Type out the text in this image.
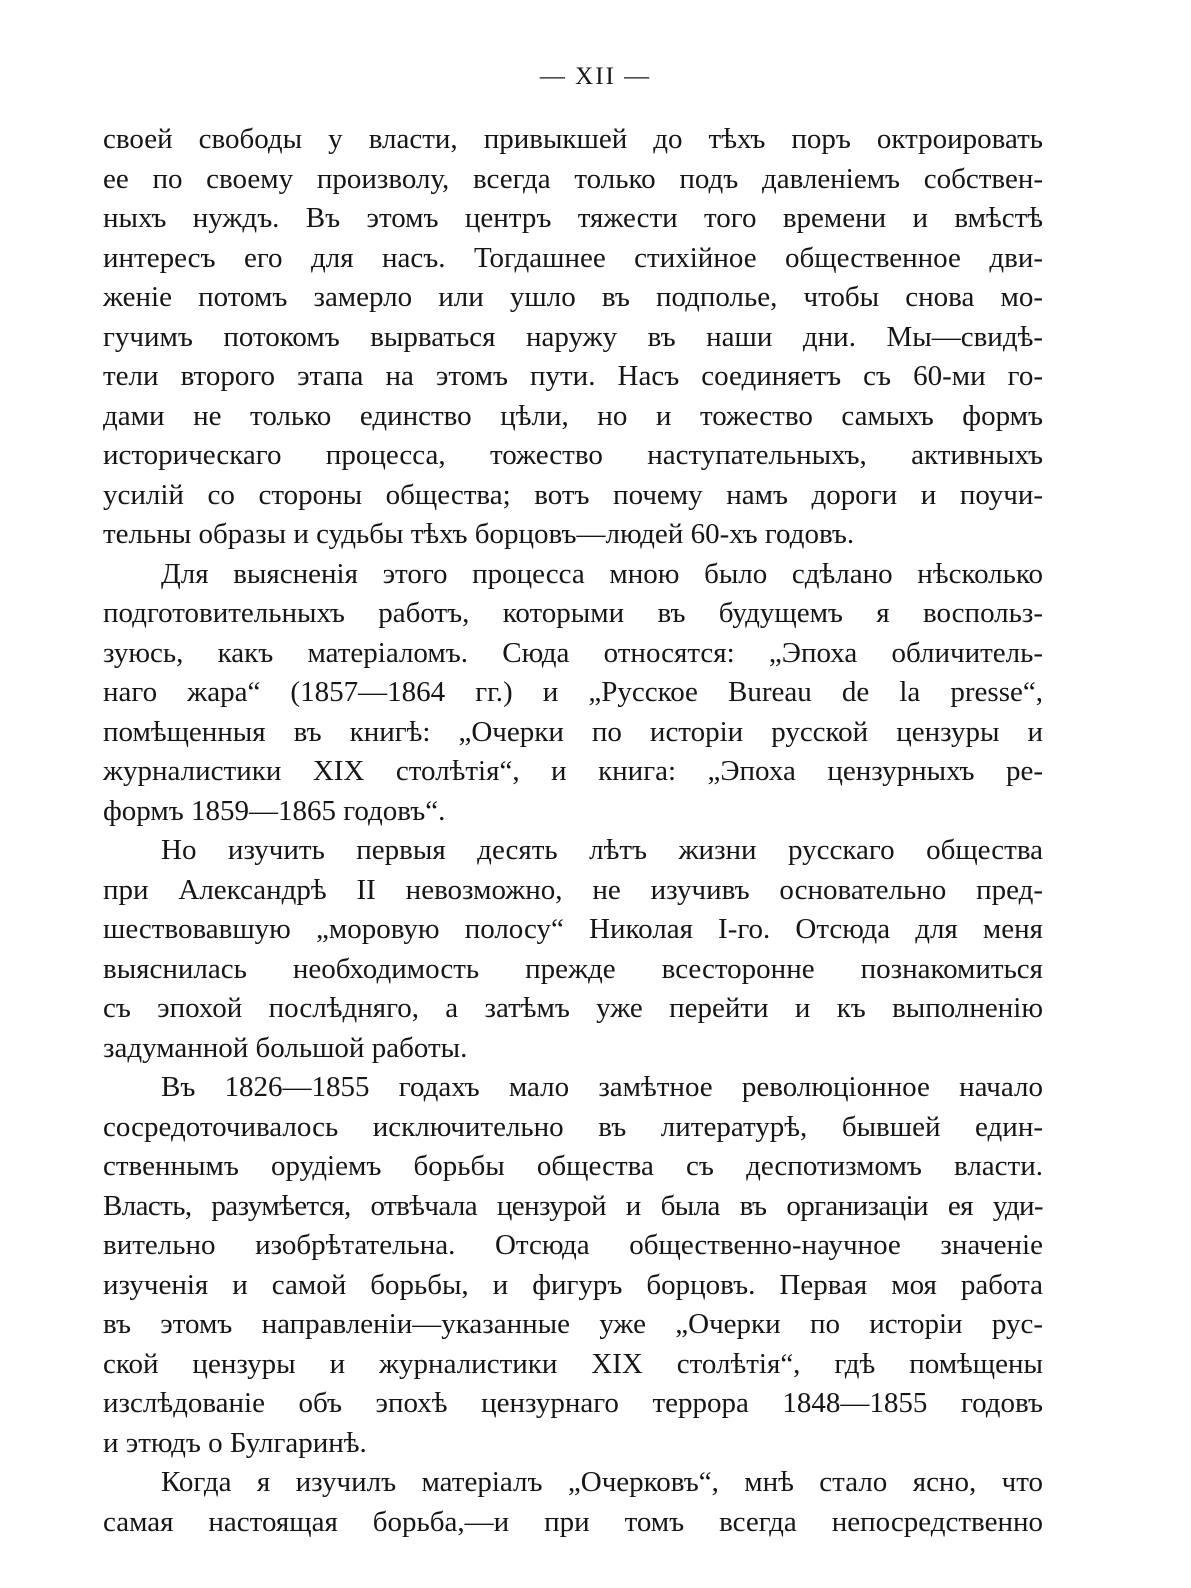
— XII —
своей свободы у власти, привыкшей до тѣхъ поръ октроировать
ее по своему произволу, всегда только подъ давленіемъ собствен-
ныхъ нуждъ. Въ этомъ центръ тяжести того времени и вмѣстѣ
интересъ его для насъ. Тогдашнее стихійное общественное дви-
женіе потомъ замерло или ушло въ подполье, чтобы снова мо-
гучимъ потокомъ вырваться наружу въ наши дни. Мы—свидѣ-
тели второго этапа на этомъ пути. Насъ соединяетъ съ 60-ми го-
дами не только единство цѣли, но и тожество самыхъ формъ
историческаго процесса, тожество наступательныхъ, активныхъ
усилій со стороны общества; вотъ почему намъ дороги и поучи-
тельны образы и судьбы тѣхъ борцовъ—людей 60-хъ годовъ.
Для выясненія этого процесса мною было сдѣлано нѣсколько
подготовительныхъ работъ, которыми въ будущемъ я воспольз-
зуюсь, какъ матеріаломъ. Сюда относятся: „Эпоха обличитель-
наго жара“ (1857—1864 гг.) и „Русское Bureau de la presse“,
помѣщенныя въ книгѣ: „Очерки по исторіи русской цензуры и
журналистики XIX столѣтія“, и книга: „Эпоха цензурныхъ ре-
формъ 1859—1865 годовъ“.
Но изучить первыя десять лѣтъ жизни русскаго общества
при Александрѣ II невозможно, не изучивъ основательно пред-
шествовавшую „моровую полосу“ Николая I-го. Отсюда для меня
выяснилась необходимость прежде всесторонне познакомиться
съ эпохой послѣдняго, а затѣмъ уже перейти и къ выполненію
задуманной большой работы.
Въ 1826—1855 годахъ мало замѣтное революціонное начало
сосредоточивалось исключительно въ литературѣ, бывшей един-
ственнымъ орудіемъ борьбы общества съ деспотизмомъ власти.
Власть, разумѣется, отвѣчала цензурой и была въ организаціи ея уди-
вительно изобрѣтательна. Отсюда общественно-научное значеніе
изученія и самой борьбы, и фигуръ борцовъ. Первая моя работа
въ этомъ направленіи—указанные уже „Очерки по исторіи рус-
ской цензуры и журналистики XIX столѣтія“, гдѣ помѣщены
изслѣдованіе объ эпохѣ цензурнаго террора 1848—1855 годовъ
и этюдъ о Булгаринѣ.
Когда я изучилъ матеріалъ „Очерковъ“, мнѣ стало ясно, что
самая настоящая борьба,—и при томъ всегда непосредственно
